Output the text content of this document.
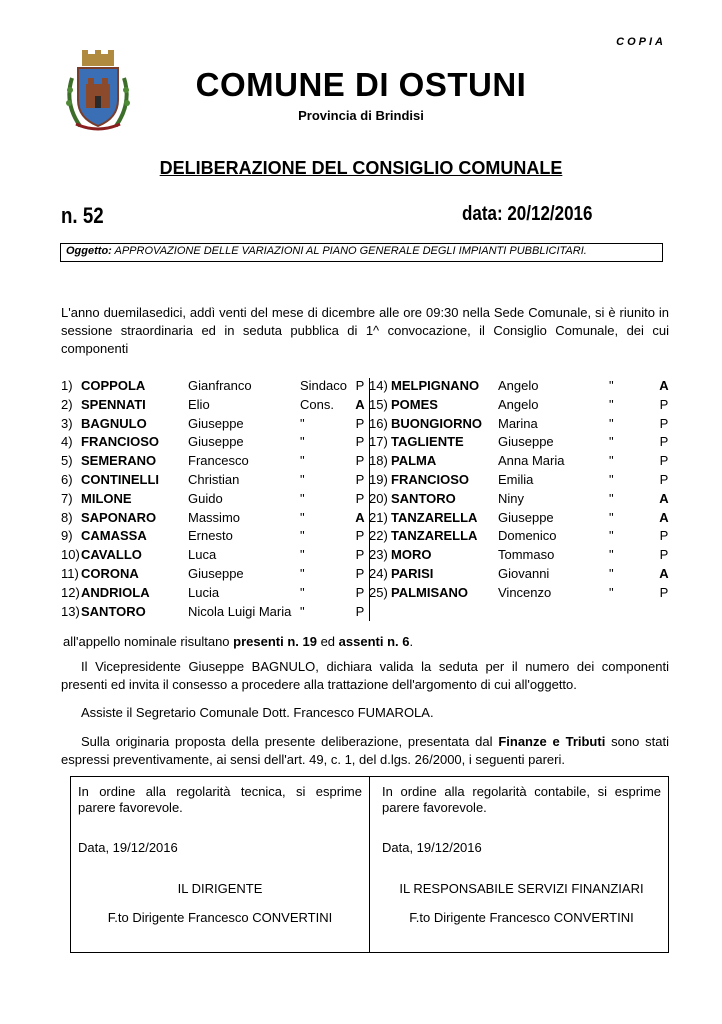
COPIA
COMUNE DI OSTUNI
Provincia di Brindisi
DELIBERAZIONE DEL CONSIGLIO COMUNALE
n. 52	data: 20/12/2016
Oggetto: APPROVAZIONE DELLE VARIAZIONI AL PIANO GENERALE DEGLI IMPIANTI PUBBLICITARI.
L'anno duemilasedici, addì venti del mese di dicembre alle ore 09:30 nella Sede Comunale, si è riunito in sessione straordinaria ed in seduta pubblica di 1^ convocazione, il Consiglio Comunale, dei cui componenti
1) COPPOLA	Gianfranco	Sindaco P
2) SPENNATI	Elio	Cons. A
3) BAGNULO	Giuseppe	"	P
4) FRANCIOSO Giuseppe	"	P
5) SEMERANO Francesco	"	P
6) CONTINELLI Christian	"	P
7) MILONE	Guido	"	P
8) SAPONARO Massimo	"	A
9) CAMASSA	Ernesto	"	P
10) CAVALLO	Luca	"	P
11) CORONA	Giuseppe	"	P
12) ANDRIOLA	Lucia	"	P
13) SANTORO	Nicola Luigi Maria "	P
14) MELPIGNANO Angelo	"	A
15) POMES	Angelo	"	P
16) BUONGIORNO Marina	"	P
17) TAGLIENTE	Giuseppe	"	P
18) PALMA	Anna Maria	"	P
19) FRANCIOSO Emilia	"	P
20) SANTORO	Niny	"	A
21) TANZARELLA Giuseppe	"	A
22) TANZARELLA Domenico	"	P
23) MORO	Tommaso	"	P
24) PARISI	Giovanni	"	A
25) PALMISANO Vincenzo	"	P
all'appello nominale risultano presenti n. 19 ed assenti n. 6.
Il Vicepresidente Giuseppe BAGNULO, dichiara valida la seduta per il numero dei componenti presenti ed invita il consesso a procedere alla trattazione dell'argomento di cui all'oggetto.
Assiste il Segretario Comunale Dott. Francesco FUMAROLA.
Sulla originaria proposta della presente deliberazione, presentata dal Finanze e Tributi sono stati espressi preventivamente, ai sensi dell'art. 49, c. 1, del d.lgs. 26/2000, i seguenti pareri.
In ordine alla regolarità tecnica, si esprime parere favorevole.
Data, 19/12/2016
IL DIRIGENTE
F.to Dirigente Francesco CONVERTINI
In ordine alla regolarità contabile, si esprime parere favorevole.
Data, 19/12/2016
IL RESPONSABILE SERVIZI FINANZIARI
F.to Dirigente Francesco CONVERTINI
